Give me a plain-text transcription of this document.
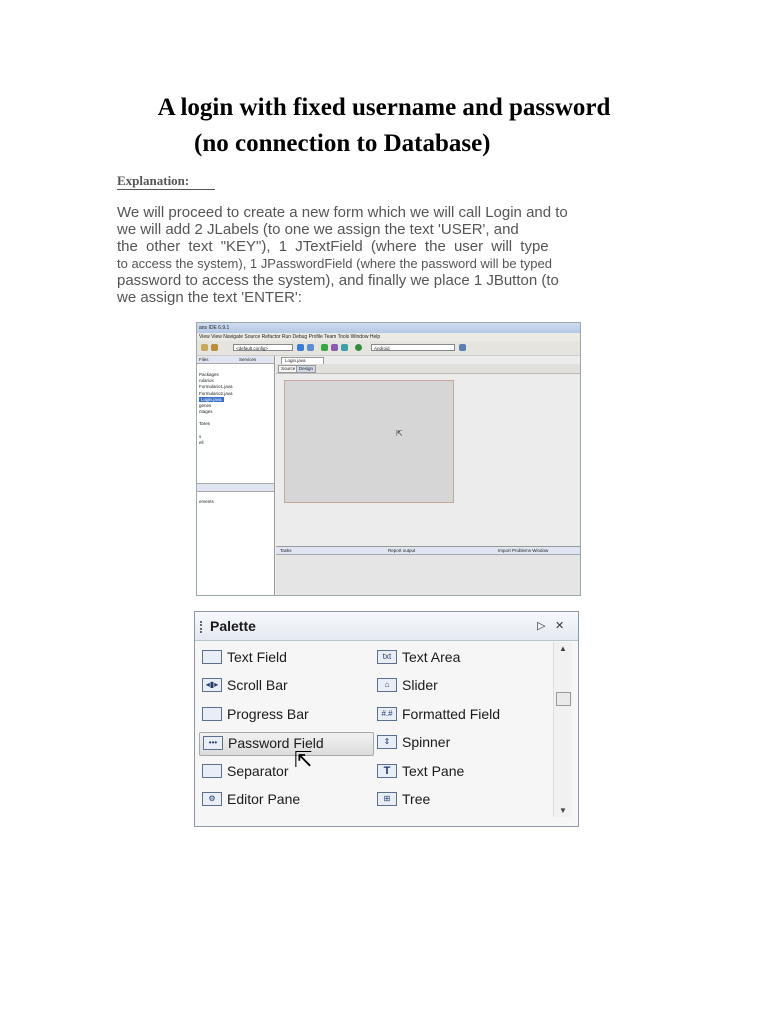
A login with fixed username and password
(no connection to Database)
Explanation:
We will proceed to create a new form which we will call Login and to
we will add 2 JLabels (to one we assign the text 'USER', and
the other text "KEY"), 1 JTextField (where the user will type
to access the system), 1 JPasswordField (where the password will be typed
password to access the system), and finally we place 1 JButton (to
we assign the text 'ENTER':
ans IDE 6.9.1
View View Navigate Source Refactor Run Debug Profile Team Tools Window Help
<default config>	Android
Files	Services
Packages
rularios
Formulario1.java
Formulario2.java
Login.java
genes
ntages
Tares
s
ell
ements
Login.java
Source Design
⇱
Tasks	Report output	Import Problems Window
Palette	▷ ✕
Text Field
◂▮▸ Scroll Bar
Progress Bar
••• Password Field
Separator
⚙ Editor Pane
txt Text Area
⌂ Slider
#.# Formatted Field
⇕ Spinner
T Text Pane
⊞ Tree
▲
▼
⇱
